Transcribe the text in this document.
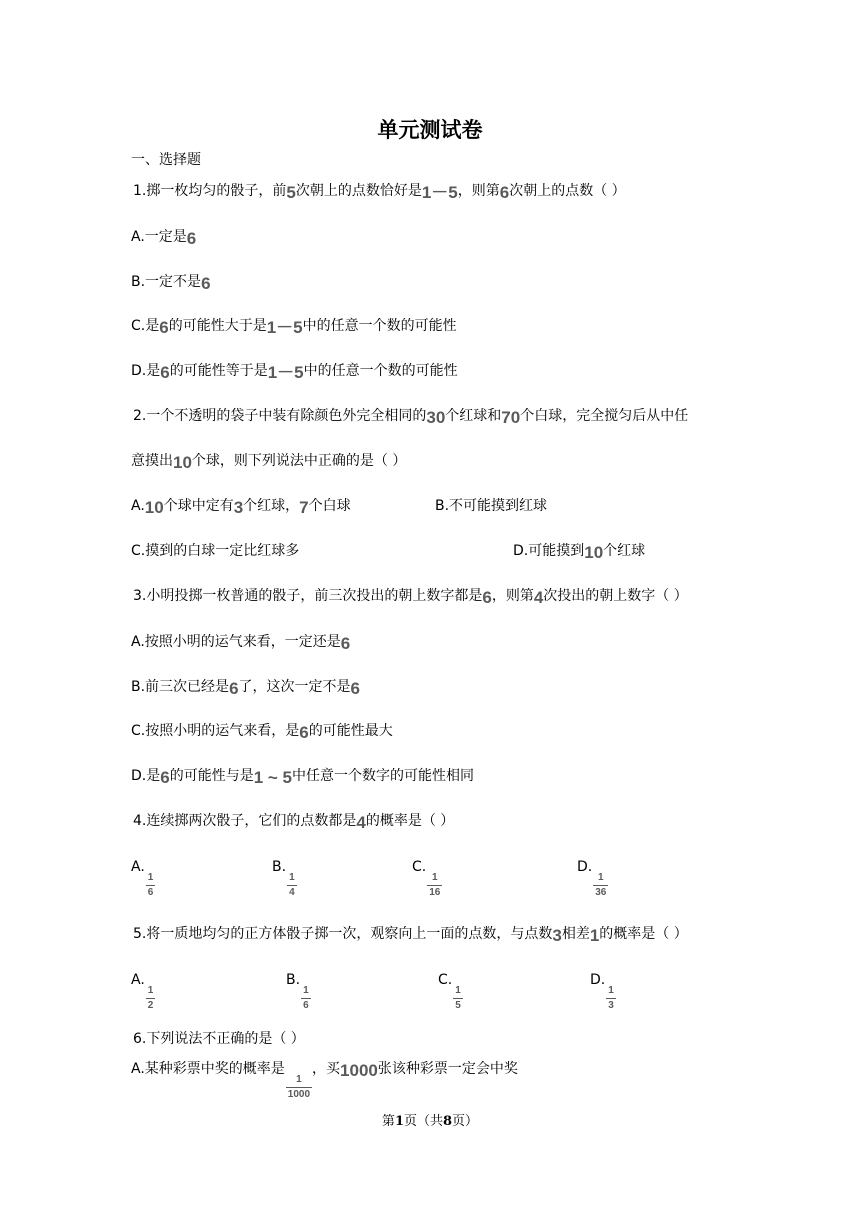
单元测试卷
一、选择题
1.掷一枚均匀的骰子，前5次朝上的点数恰好是1－5，则第6次朝上的点数（ ）
A.一定是6
B.一定不是6
C.是6的可能性大于是1－5中的任意一个数的可能性
D.是6的可能性等于是1－5中的任意一个数的可能性
2.一个不透明的袋子中装有除颜色外完全相同的30个红球和70个白球，完全搅匀后从中任
意摸出10个球，则下列说法中正确的是（ ）
A.10个球中定有3个红球，7个白球	B.不可能摸到红球
C.摸到的白球一定比红球多	D.可能摸到10个红球
3.小明投掷一枚普通的骰子，前三次投出的朝上数字都是6，则第4次投出的朝上数字（ ）
A.按照小明的运气来看，一定还是6
B.前三次已经是6了，这次一定不是6
C.按照小明的运气来看，是6的可能性最大
D.是6的可能性与是1 ~ 5中任意一个数字的可能性相同
4.连续掷两次骰子，它们的点数都是4的概率是（ ）
A.
$\frac{1}{6}$
B.
$\frac{1}{4}$
C.
$\frac{1}{16}$
D.
$\frac{1}{36}$
5.将一质地均匀的正方体骰子掷一次，观察向上一面的点数，与点数3相差1的概率是（ ）
A.
$\frac{1}{2}$
B.
$\frac{1}{6}$
C.
$\frac{1}{5}$
D.
$\frac{1}{3}$
6.下列说法不正确的是（ ）
A.某种彩票中奖的概率是
$\frac{1}{1000}$
，买1000张该种彩票一定会中奖
第1页（共8页）
